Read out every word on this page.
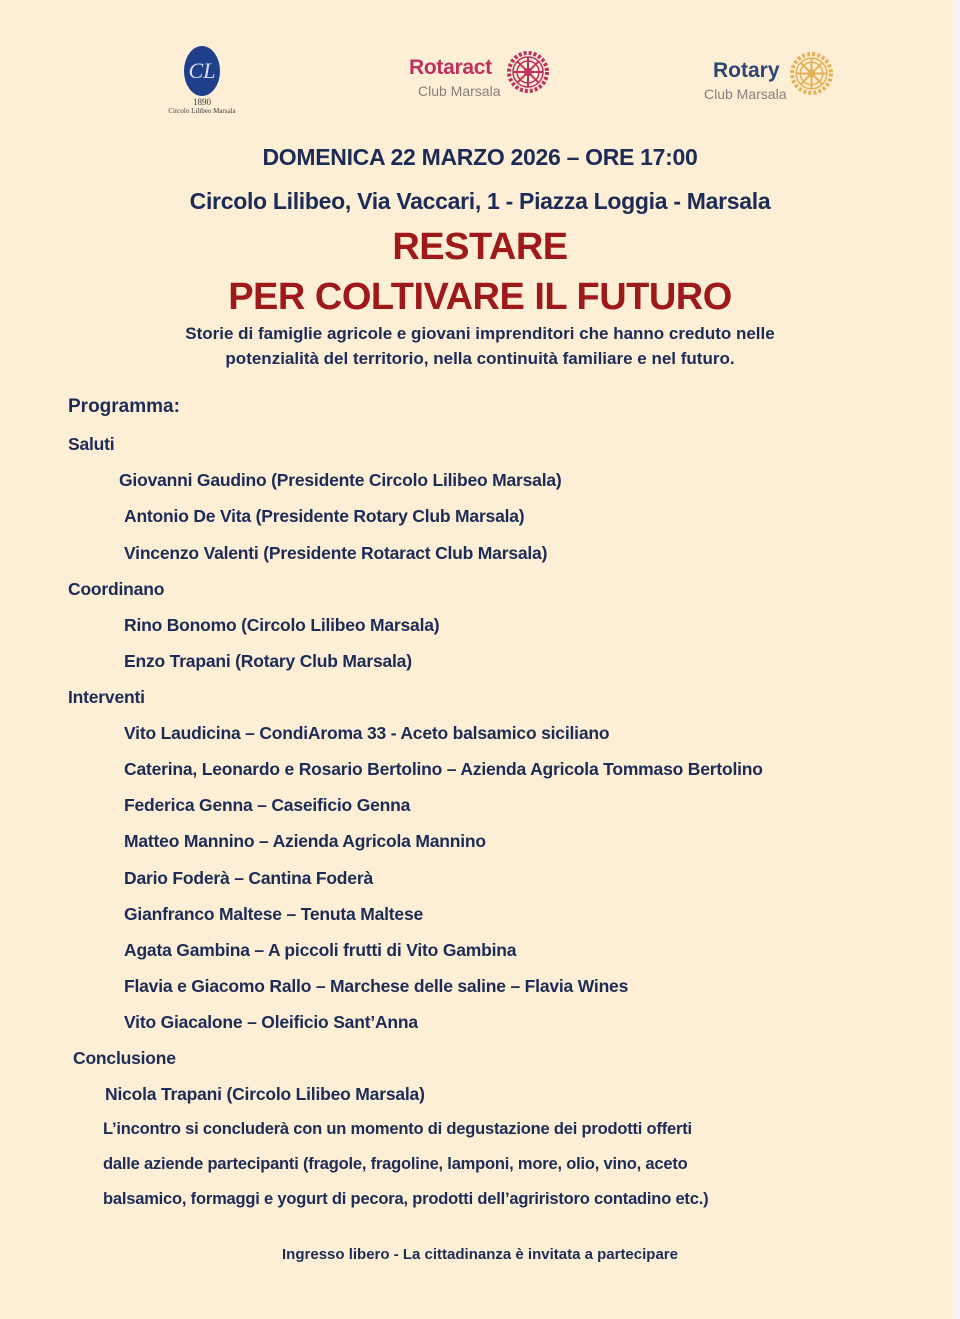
CL
1890
Circolo Lilibeo Marsala
Rotaract
Club Marsala
Rotary
Club Marsala
DOMENICA 22 MARZO 2026 – ORE 17:00
Circolo Lilibeo, Via Vaccari, 1 - Piazza Loggia - Marsala
RESTARE
PER COLTIVARE IL FUTURO
Storie di famiglie agricole e giovani imprenditori che hanno creduto nelle
potenzialità del territorio, nella continuità familiare e nel futuro.
Programma:
Saluti
Giovanni Gaudino (Presidente Circolo Lilibeo Marsala)
Antonio De Vita (Presidente Rotary Club Marsala)
Vincenzo Valenti (Presidente Rotaract Club Marsala)
Coordinano
Rino Bonomo (Circolo Lilibeo Marsala)
Enzo Trapani (Rotary Club Marsala)
Interventi
Vito Laudicina – CondiAroma 33 - Aceto balsamico siciliano
Caterina, Leonardo e Rosario Bertolino – Azienda Agricola Tommaso Bertolino
Federica Genna – Caseificio Genna
Matteo Mannino – Azienda Agricola Mannino
Dario Foderà – Cantina Foderà
Gianfranco Maltese – Tenuta Maltese
Agata Gambina – A piccoli frutti di Vito Gambina
Flavia e Giacomo Rallo – Marchese delle saline – Flavia Wines
Vito Giacalone – Oleificio Sant’Anna
Conclusione
Nicola Trapani (Circolo Lilibeo Marsala)
L’incontro si concluderà con un momento di degustazione dei prodotti offerti
dalle aziende partecipanti (fragole, fragoline, lamponi, more, olio, vino, aceto
balsamico, formaggi e yogurt di pecora, prodotti dell’agriristoro contadino etc.)
Ingresso libero - La cittadinanza è invitata a partecipare
